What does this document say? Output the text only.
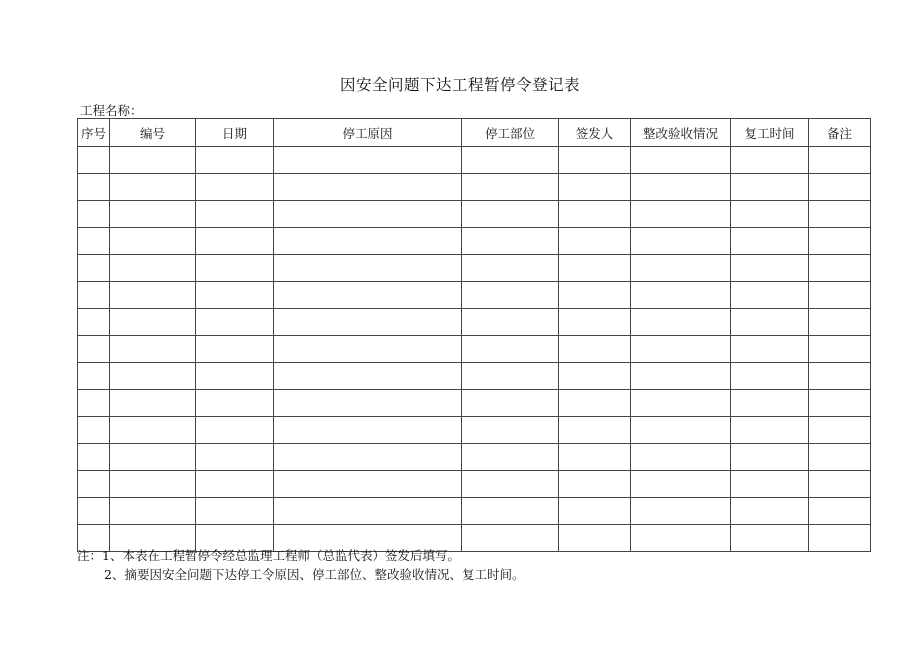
因安全问题下达工程暂停令登记表
工程名称：
序号	编号	日期	停工原因	停工部位	签发人	整改验收情况	复工时间	备注

注：1、本表在工程暂停令经总监理工程师（总监代表）签发后填写。
2、摘要因安全问题下达停工令原因、停工部位、整改验收情况、复工时间。
